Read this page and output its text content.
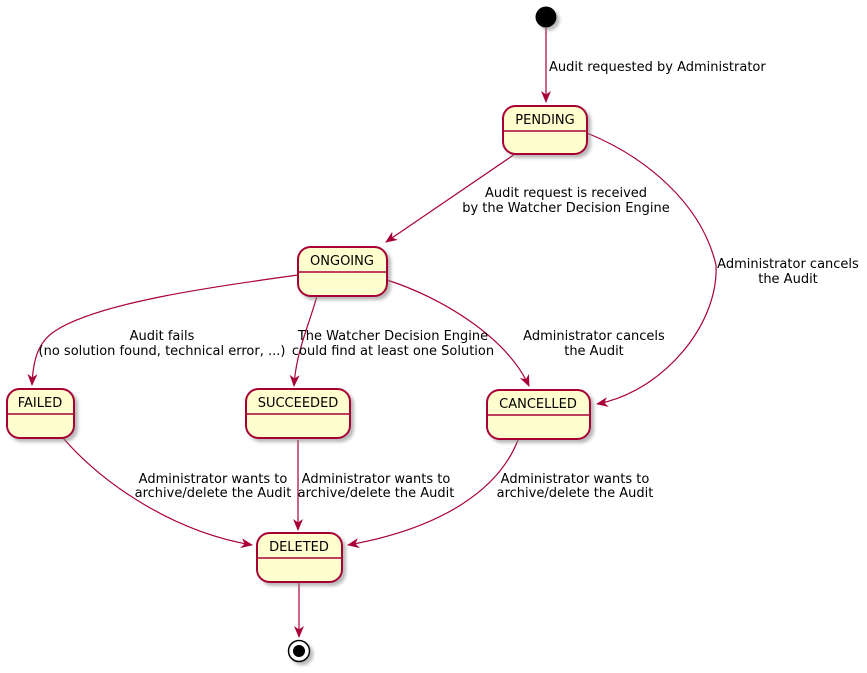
Audit requested by Administrator
Audit request is received
by the Watcher Decision Engine
Administrator cancels
the Audit
Audit fails
(no solution found, technical error, ...)
The Watcher Decision Engine
could find at least one Solution
Administrator cancels
the Audit
Administrator wants to
archive/delete the Audit
Administrator wants to
archive/delete the Audit
Administrator wants to
archive/delete the Audit
PENDING
ONGOING
FAILED	SUCCEEDED	CANCELLED
DELETED
